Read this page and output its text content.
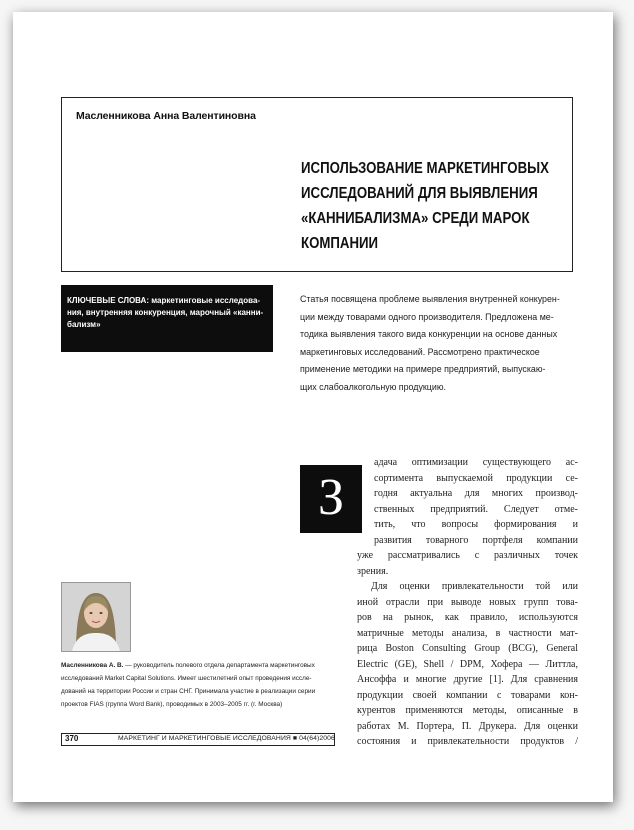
Масленникова Анна Валентиновна
ИСПОЛЬЗОВАНИЕ МАРКЕТИНГОВЫХ
ИССЛЕДОВАНИЙ ДЛЯ ВЫЯВЛЕНИЯ
«КАННИБАЛИЗМА» СРЕДИ МАРОК
КОМПАНИИ
КЛЮЧЕВЫЕ СЛОВА: маркетинговые исследова-
ния, внутренняя конкуренция, марочный «канни-
бализм»
Статья посвящена проблеме выявления внутренней конкурен-
ции между товарами одного производителя. Предложена ме-
тодика выявления такого вида конкуренции на основе данных
маркетинговых исследований. Рассмотрено практическое
применение методики на примере предприятий, выпускаю-
щих слабоалкогольную продукцию.
З
адача оптимизации существующего ас-
сортимента выпускаемой продукции се-
годня актуальна для многих производ-
ственных предприятий. Следует отме-
тить, что вопросы формирования и
развития товарного портфеля компании
уже рассматривались с различных точек
зрения.
Для оценки привлекательности той или
иной отрасли при выводе новых групп това-
ров на рынок, как правило, используются
матричные методы анализа, в частности мат-
рица Boston Consulting Group (BCG), General
Electric (GE), Shell / DPM, Хофера — Литтла,
Ансоффа и многие другие [1]. Для сравнения
продукции своей компании с товарами кон-
курентов применяются методы, описанные в
работах М. Портера, П. Друкера. Для оценки
состояния и привлекательности продуктов /
Масленникова А. В. — руководитель полевого отдела департамента маркетинговых
исследований Market Capital Solutions. Имеет шестилетний опыт проведения иссле-
дований на территории России и стран СНГ. Принимала участие в реализации серии
проектов FIAS (группа Word Bank), проводимых в 2003–2005 гг. (г. Москва)
370	МАРКЕТИНГ И МАРКЕТИНГОВЫЕ ИССЛЕДОВАНИЯ ■ 04(64)2006
